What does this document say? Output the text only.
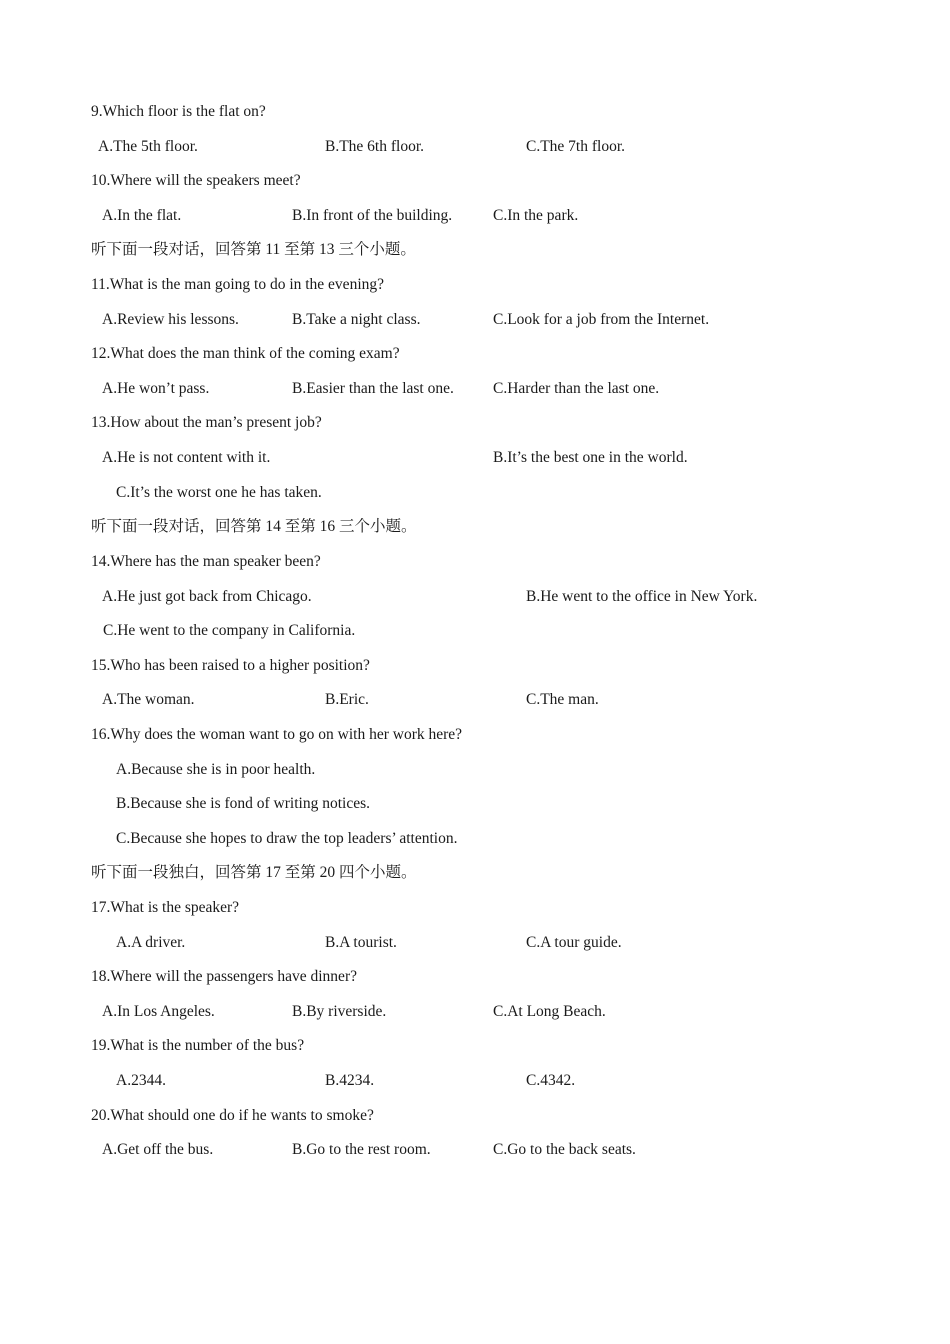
9.Which floor is the flat on?
A.The 5th floor.	B.The 6th floor.	C.The 7th floor.
10.Where will the speakers meet?
A.In the flat.	B.In front of the building.	C.In the park.
听下面一段对话，回答第 11 至第 13 三个小题。
11.What is the man going to do in the evening?
A.Review his lessons.	B.Take a night class.	C.Look for a job from the Internet.
12.What does the man think of the coming exam?
A.He won’t pass.	B.Easier than the last one.	C.Harder than the last one.
13.How about the man’s present job?
A.He is not content with it.	B.It’s the best one in the world.
C.It’s the worst one he has taken.
听下面一段对话，回答第 14 至第 16 三个小题。
14.Where has the man speaker been?
A.He just got back from Chicago.	B.He went to the office in New York.
C.He went to the company in California.
15.Who has been raised to a higher position?
A.The woman.	B.Eric.	C.The man.
16.Why does the woman want to go on with her work here?
A.Because she is in poor health.
B.Because she is fond of writing notices.
C.Because she hopes to draw the top leaders’ attention.
听下面一段独白，回答第 17 至第 20 四个小题。
17.What is the speaker?
A.A driver.	B.A tourist.	C.A tour guide.
18.Where will the passengers have dinner?
A.In Los Angeles.	B.By riverside.	C.At Long Beach.
19.What is the number of the bus?
A.2344.	B.4234.	C.4342.
20.What should one do if he wants to smoke?
A.Get off the bus.	B.Go to the rest room.	C.Go to the back seats.
